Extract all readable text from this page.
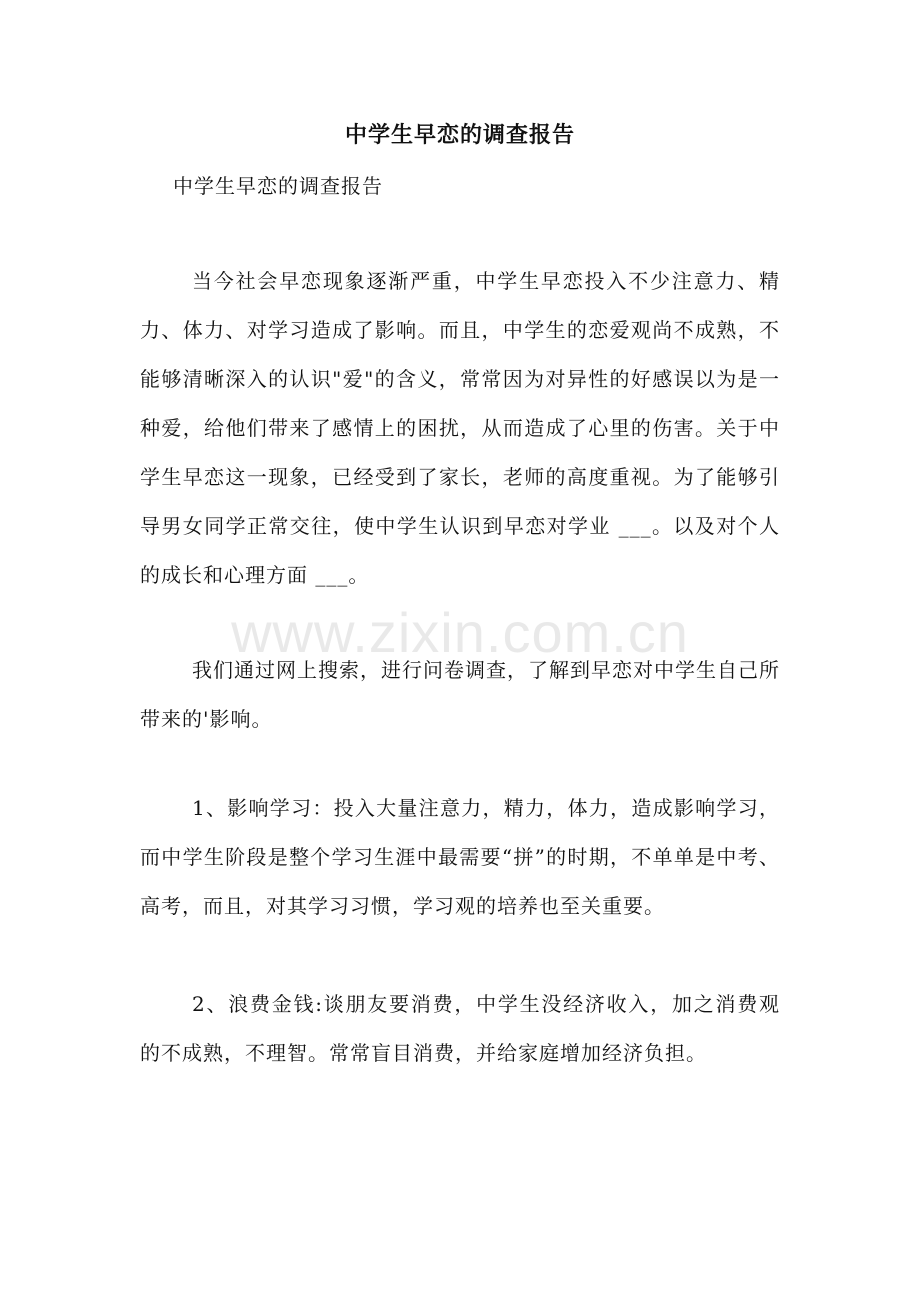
中学生早恋的调查报告
中学生早恋的调查报告

当今社会早恋现象逐渐严重，中学生早恋投入不少注意力、精力、体力、对学习造成了影响。而且，中学生的恋爱观尚不成熟，不能够清晰深入的认识"爱"的含义，常常因为对异性的好感误以为是一种爱，给他们带来了感情上的困扰，从而造成了心里的伤害。关于中学生早恋这一现象，已经受到了家长，老师的高度重视。为了能够引导男女同学正常交往，使中学生认识到早恋对学业 ___。以及对个人的成长和心理方面 ___。

www.zixin.com.cn

我们通过网上搜索，进行问卷调查，了解到早恋对中学生自己所带来的'影响。

1、影响学习：投入大量注意力，精力，体力，造成影响学习，而中学生阶段是整个学习生涯中最需要“拼”的时期，不单单是中考、高考，而且，对其学习习惯，学习观的培养也至关重要。

2、浪费金钱:谈朋友要消费，中学生没经济收入，加之消费观的不成熟，不理智。常常盲目消费，并给家庭增加经济负担。
